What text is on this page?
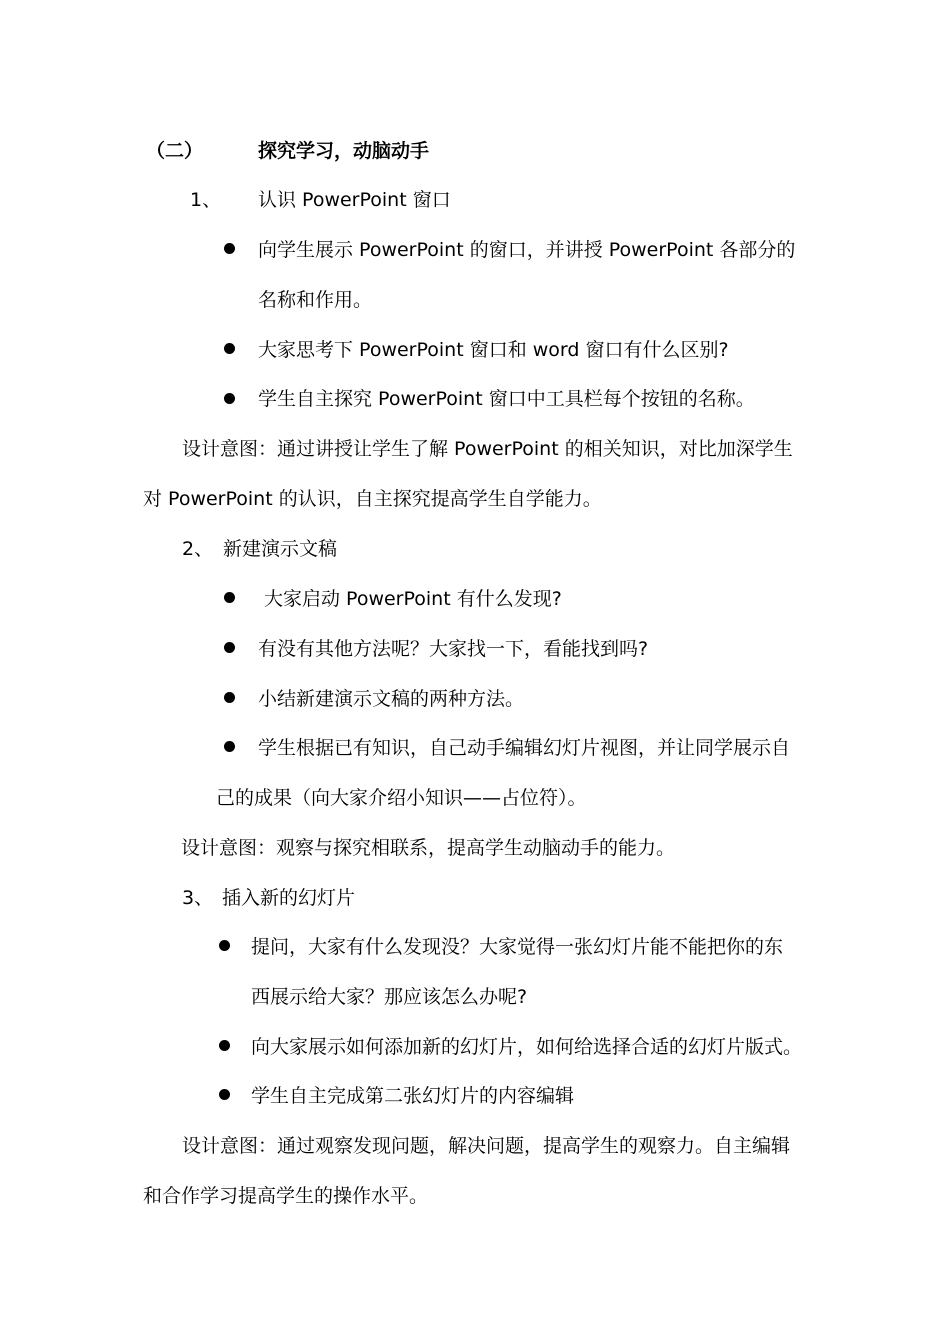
（二）	探究学习，动脑动手
1、 认识 PowerPoint 窗口
向学生展示 PowerPoint 的窗口，并讲授 PowerPoint 各部分的
名称和作用。
大家思考下 PowerPoint 窗口和 word 窗口有什么区别?
学生自主探究 PowerPoint 窗口中工具栏每个按钮的名称。
设计意图：通过讲授让学生了解 PowerPoint 的相关知识，对比加深学生
对 PowerPoint 的认识，自主探究提高学生自学能力。
2、 新建演示文稿
大家启动 PowerPoint 有什么发现?
有没有其他方法呢？大家找一下，看能找到吗?
小结新建演示文稿的两种方法。
学生根据已有知识，自己动手编辑幻灯片视图，并让同学展示自
己的成果（向大家介绍小知识——占位符）。
设计意图：观察与探究相联系，提高学生动脑动手的能力。
3、 插入新的幻灯片
提问，大家有什么发现没？大家觉得一张幻灯片能不能把你的东
西展示给大家？那应该怎么办呢?
向大家展示如何添加新的幻灯片，如何给选择合适的幻灯片版式。
学生自主完成第二张幻灯片的内容编辑
设计意图：通过观察发现问题，解决问题，提高学生的观察力。自主编辑
和合作学习提高学生的操作水平。
